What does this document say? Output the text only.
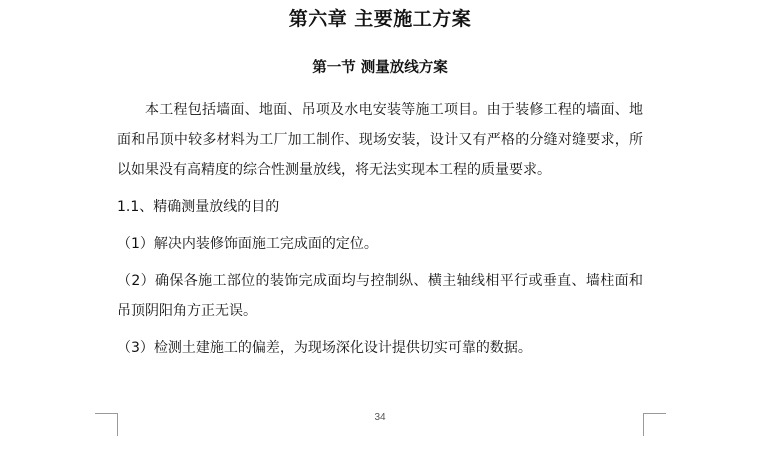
第六章 主要施工方案
第一节 测量放线方案

本工程包括墙面、地面、吊项及水电安装等施工项目。由于装修工程的墙面、地面和吊顶中较多材料为工厂加工制作、现场安装，设计又有严格的分缝对缝要求，所以如果没有高精度的综合性测量放线，将无法实现本工程的质量要求。

1.1、精确测量放线的目的

（1）解决内装修饰面施工完成面的定位。

（2）确保各施工部位的装饰完成面均与控制纵、横主轴线相平行或垂直、墙柱面和吊顶阴阳角方正无误。

（3）检测土建施工的偏差，为现场深化设计提供切实可靠的数据。

34
